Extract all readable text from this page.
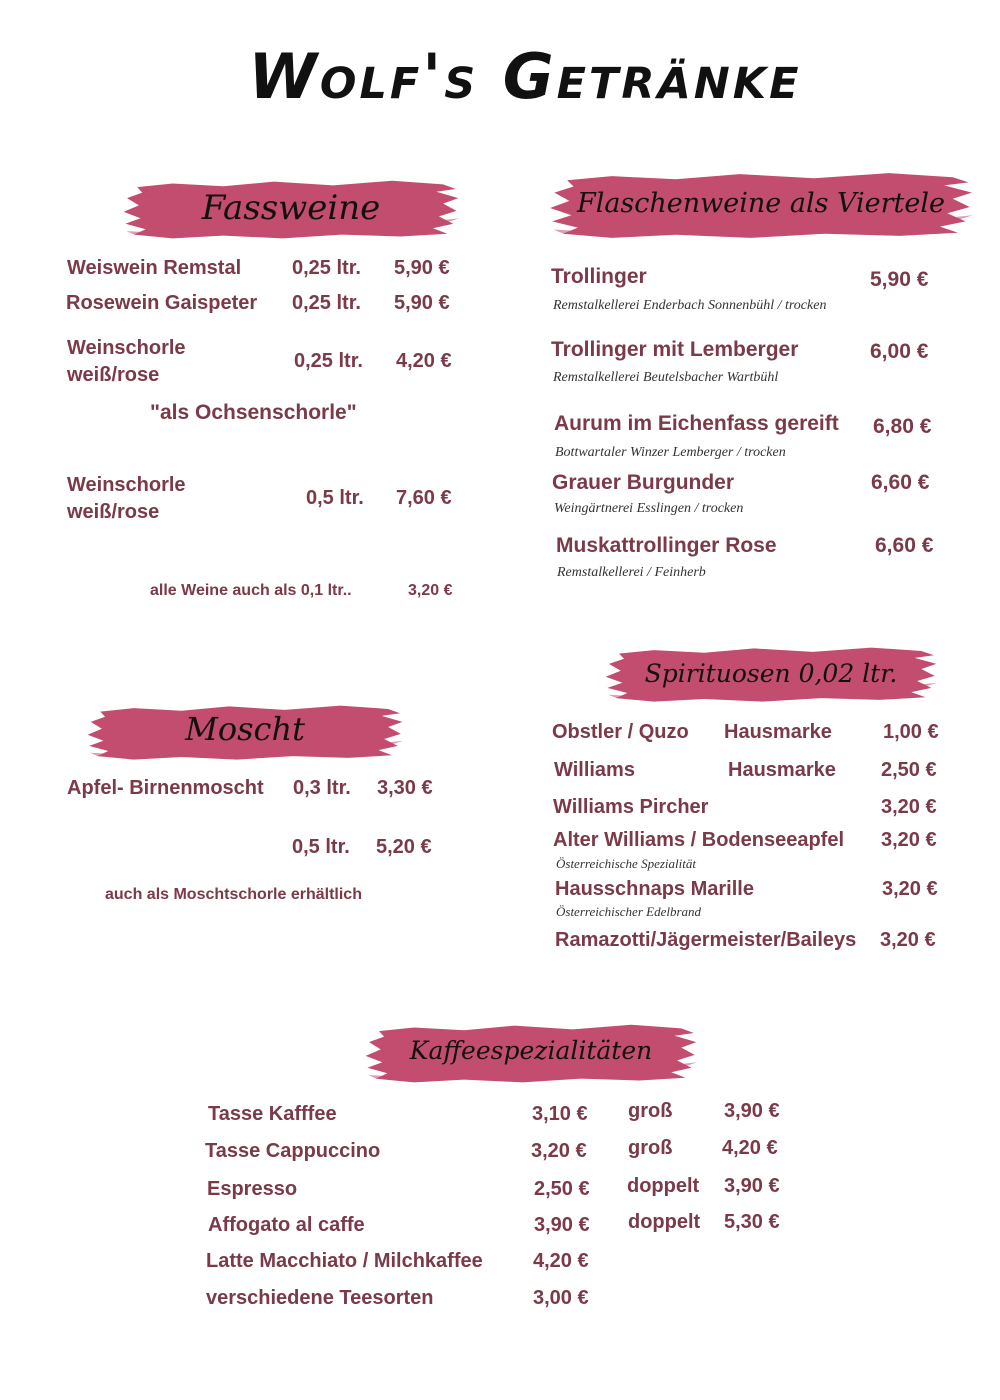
Wolf's Getränke
Fassweine
Weiswein Remstal	0,25 ltr. 5,90 €
Rosewein Gaispeter 0,25 ltr. 5,90 €
Weinschorle
weiß/rose
0,25 ltr. 4,20 €
"als Ochsenschorle"
Weinschorle
weiß/rose
0,5 ltr. 7,60 €
alle Weine auch als 0,1 ltr..	3,20 €
Flaschenweine als Viertele
Trollinger	5,90 €
Remstalkellerei Enderbach Sonnenbühl / trocken
Trollinger mit Lemberger	6,00 €
Remstalkellerei Beutelsbacher Wartbühl
Aurum im Eichenfass gereift 6,80 €
Bottwartaler Winzer Lemberger / trocken
Grauer Burgunder	6,60 €
Weingärtnerei Esslingen / trocken
Muskattrollinger Rose	6,60 €
Remstalkellerei / Feinherb
Moscht
Apfel- Birnenmoscht 0,3 ltr. 3,30 €
0,5 ltr. 5,20 €
auch als Moschtschorle erhältlich
Spirituosen 0,02 ltr.
Obstler / Quzo Hausmarke	1,00 €
Williams	Hausmarke 2,50 €
Williams Pircher	3,20 €
Alter Williams / Bodenseeapfel 3,20 €
Österreichische Spezialität
Hausschnaps Marille	3,20 €
Österreichischer Edelbrand
Ramazotti/Jägermeister/Baileys 3,20 €
Kaffeespezialitäten
Tasse Kafffee	3,10 € groß	3,90 €
Tasse Cappuccino	3,20 € groß 4,20 €
Espresso	2,50 € doppelt 3,90 €
Affogato al caffe	3,90 € doppelt 5,30 €
Latte Macchiato / Milchkaffee	4,20 €
verschiedene Teesorten	3,00 €
